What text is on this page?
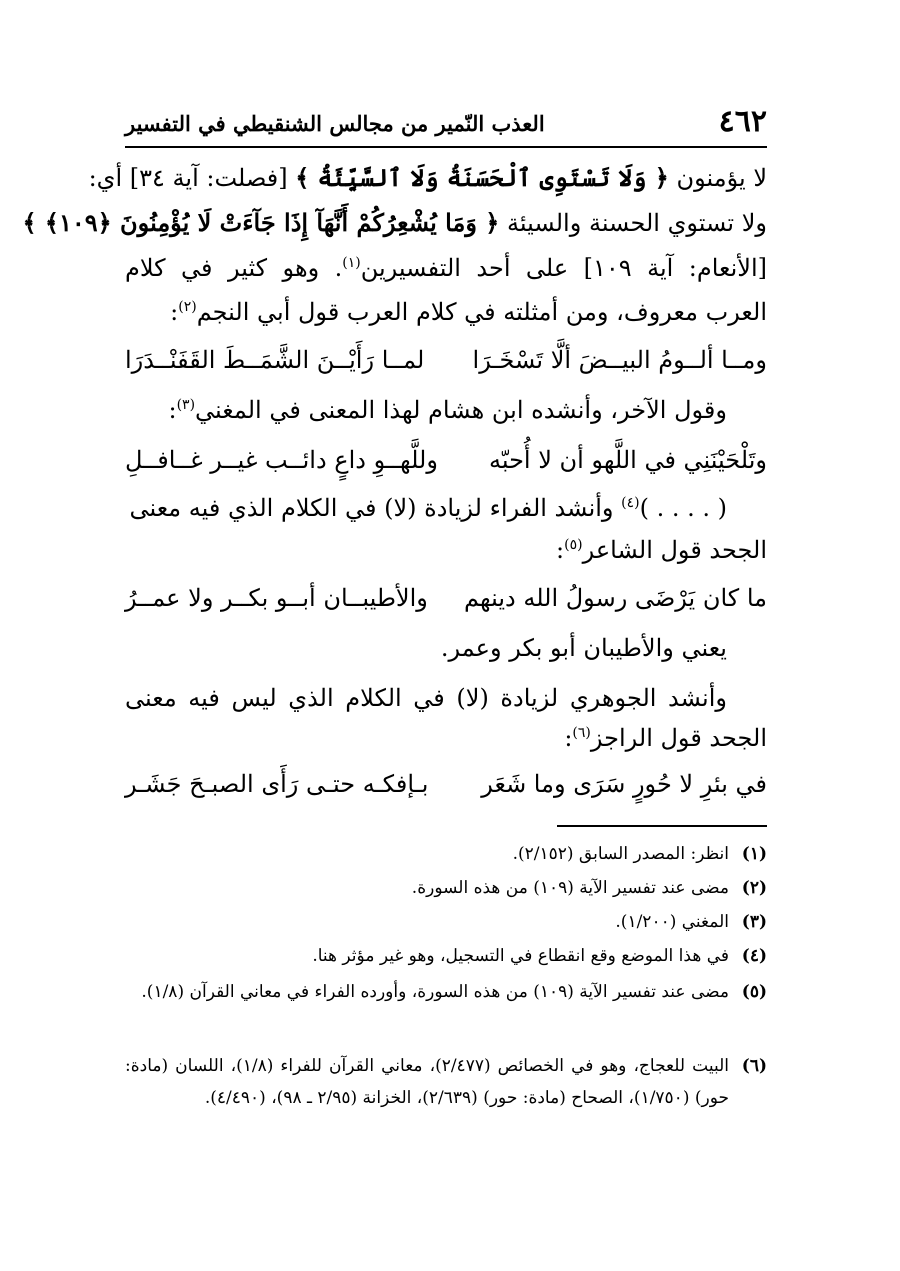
٤٦٢
العذب النّمير من مجالس الشنقيطي في التفسير
لا يؤمنون ﴿ وَلَا تَسْتَوِى ٱلْحَسَنَةُ وَلَا ٱلسَّيِّئَةُ ﴾ [فصلت: آية ٣٤] أي:
ولا تستوي الحسنة والسيئة ﴿ وَمَا يُشْعِرُكُمْ أَنَّهَآ إِذَا جَآءَتْ لَا يُؤْمِنُونَ ﴿١٠٩﴾ ﴾
[الأنعام: آية ١٠٩] على أحد التفسيرين$^{(١)}$. وهو كثير في كلام
العرب معروف، ومن أمثلته في كلام العرب قول أبي النجم$^{(٢)}$:
ومــا ألــومُ البيــضَ ألَّا تَسْخَـرَا
لمــا رَأَيْــنَ الشَّمَــطَ القَفَنْــدَرَا
وقول الآخر، وأنشده ابن هشام لهذا المعنى في المغني$^{(٣)}$:
وتَلْحَيْنَنِي في اللَّهو أن لا أُحبّه
وللَّهــوِ داعٍ دائــب غيــر غــافــلِ
( . . . . )$^{(٤)}$ وأنشد الفراء لزيادة (لا) في الكلام الذي فيه معنى
الجحد قول الشاعر$^{(٥)}$:
ما كان يَرْضَى رسولُ الله دينهم
والأطيبــان أبــو بكــر ولا عمــرُ
يعني والأطيبان أبو بكر وعمر.
وأنشد الجوهري لزيادة (لا) في الكلام الذي ليس فيه معنى
الجحد قول الراجز$^{(٦)}$:
في بئرِ لا حُورٍ سَرَى وما شَعَر
بـإفكـه حتـى رَأَى الصبـحَ جَشَـر
(١)
انظر: المصدر السابق (٢/١٥٢).
(٢)
مضى عند تفسير الآية (١٠٩) من هذه السورة.
(٣)
المغني (١/٢٠٠).
(٤)
في هذا الموضع وقع انقطاع في التسجيل، وهو غير مؤثر هنا.
(٥)
مضى عند تفسير الآية (١٠٩) من هذه السورة، وأورده الفراء في معاني القرآن (١/٨).
(٦)
البيت للعجاج، وهو في الخصائص (٢/٤٧٧)، معاني القرآن للفراء (١/٨)، اللسان (مادة: حور) (١/٧٥٠)، الصحاح (مادة: حور) (٢/٦٣٩)، الخزانة (٢/٩٥ ـ ٩٨)، (٤/٤٩٠).
